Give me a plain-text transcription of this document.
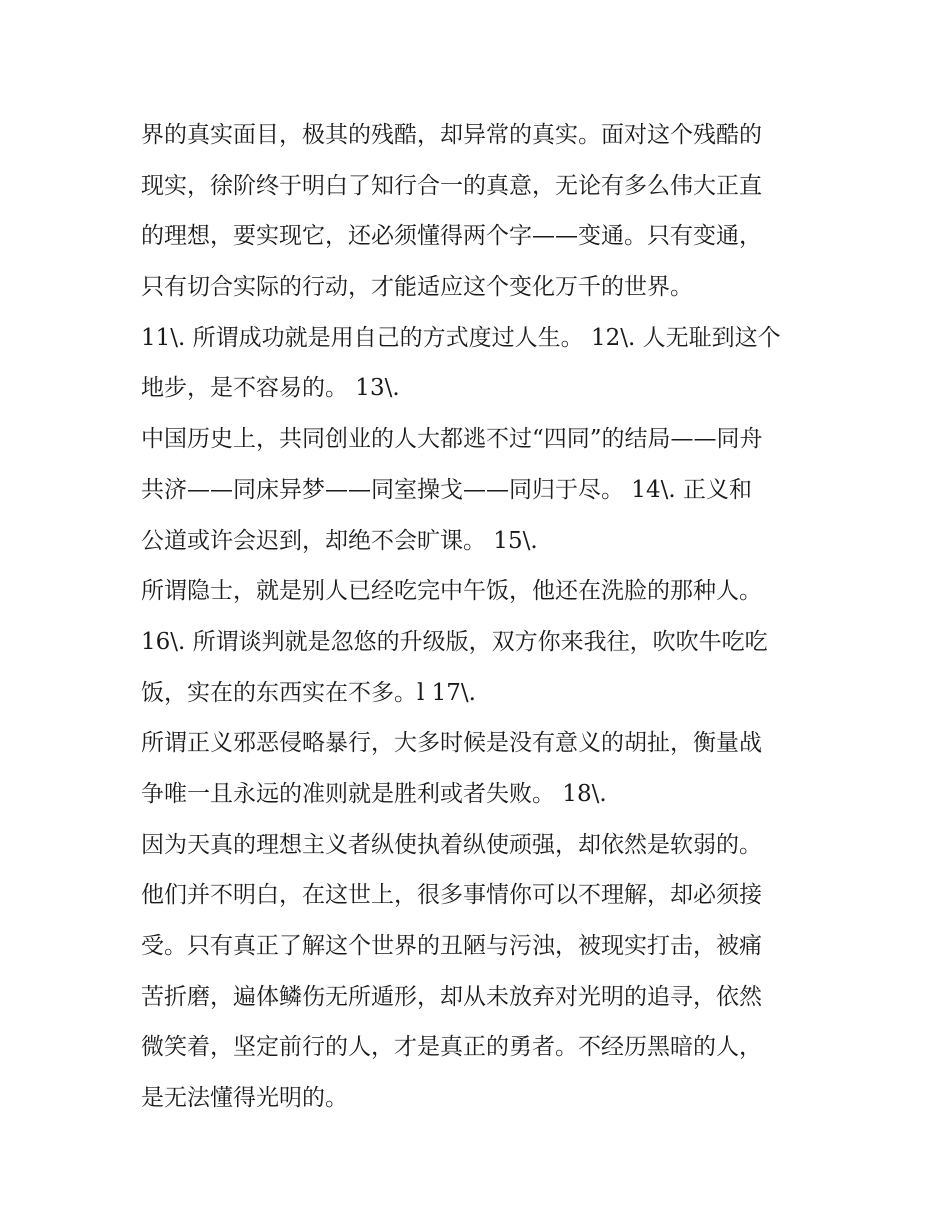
界的真实面目，极其的残酷，却异常的真实。面对这个残酷的
现实，徐阶终于明白了知行合一的真意，无论有多么伟大正直
的理想，要实现它，还必须懂得两个字——变通。只有变通，
只有切合实际的行动，才能适应这个变化万千的世界。
11\. 所谓成功就是用自己的方式度过人生。 12\. 人无耻到这个
地步，是不容易的。 13\.
中国历史上，共同创业的人大都逃不过“四同”的结局——同舟
共济——同床异梦——同室操戈——同归于尽。 14\. 正义和
公道或许会迟到，却绝不会旷课。 15\.
所谓隐士，就是别人已经吃完中午饭，他还在洗脸的那种人。
16\. 所谓谈判就是忽悠的升级版，双方你来我往，吹吹牛吃吃
饭，实在的东西实在不多。l 17\.
所谓正义邪恶侵略暴行，大多时候是没有意义的胡扯，衡量战
争唯一且永远的准则就是胜利或者失败。 18\.
因为天真的理想主义者纵使执着纵使顽强，却依然是软弱的。
他们并不明白，在这世上，很多事情你可以不理解，却必须接
受。只有真正了解这个世界的丑陋与污浊，被现实打击，被痛
苦折磨，遍体鳞伤无所遁形，却从未放弃对光明的追寻，依然
微笑着，坚定前行的人，才是真正的勇者。不经历黑暗的人，
是无法懂得光明的。
